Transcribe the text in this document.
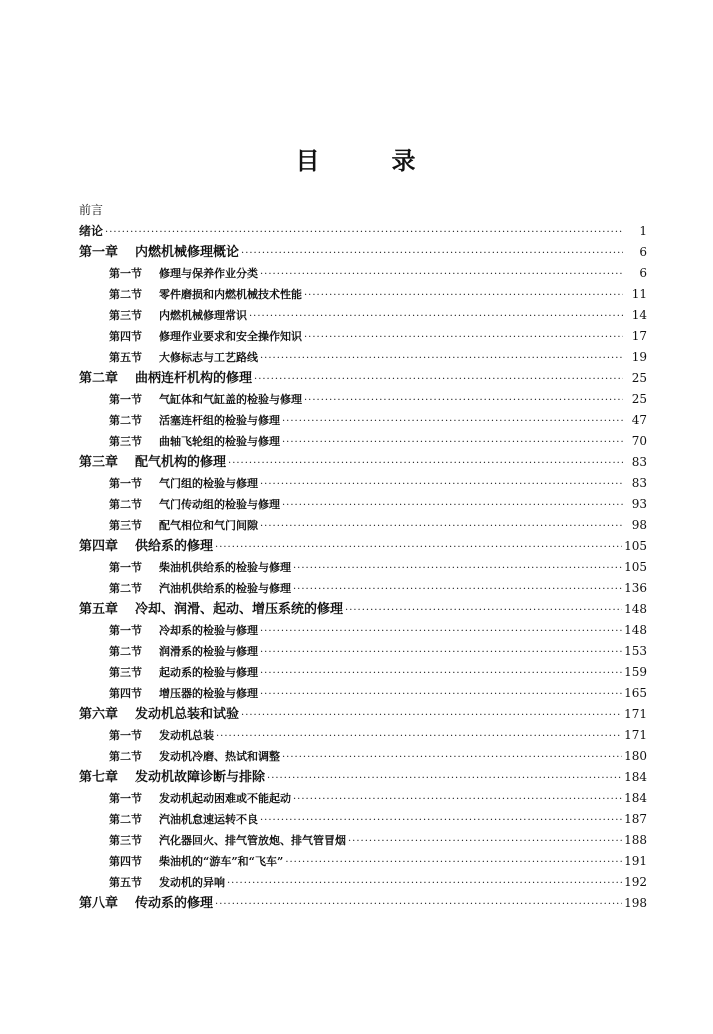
目	录
前言
绪论 ·····	1
第一章 内燃机械修理概论 ·····	6
第一节 修理与保养作业分类 ·····	6
第二节 零件磨损和内燃机械技术性能 ·····	11
第三节 内燃机械修理常识 ·····	14
第四节 修理作业要求和安全操作知识 ·····	17
第五节 大修标志与工艺路线 ·····	19
第二章 曲柄连杆机构的修理 ·····	25
第一节 气缸体和气缸盖的检验与修理 ·····	25
第二节 活塞连杆组的检验与修理 ·····	47
第三节 曲轴飞轮组的检验与修理 ·····	70
第三章 配气机构的修理 ·····	83
第一节 气门组的检验与修理 ·····	83
第二节 气门传动组的检验与修理 ·····	93
第三节 配气相位和气门间隙 ·····	98
第四章 供给系的修理 ·····	105
第一节 柴油机供给系的检验与修理 ·····	105
第二节 汽油机供给系的检验与修理 ·····	136
第五章 冷却、润滑、起动、增压系统的修理 ·····	148
第一节 冷却系的检验与修理 ·····	148
第二节 润滑系的检验与修理 ·····	153
第三节 起动系的检验与修理 ·····	159
第四节 增压器的检验与修理 ·····	165
第六章 发动机总装和试验 ·····	171
第一节 发动机总装 ·····	171
第二节 发动机冷磨、热试和调整 ·····	180
第七章 发动机故障诊断与排除 ·····	184
第一节 发动机起动困难或不能起动 ·····	184
第二节 汽油机怠速运转不良 ·····	187
第三节 汽化器回火、排气管放炮、排气管冒烟 ·····	188
第四节 柴油机的“游车”和“飞车” ·····	191
第五节 发动机的异响 ·····	192
第八章 传动系的修理 ·····	198
